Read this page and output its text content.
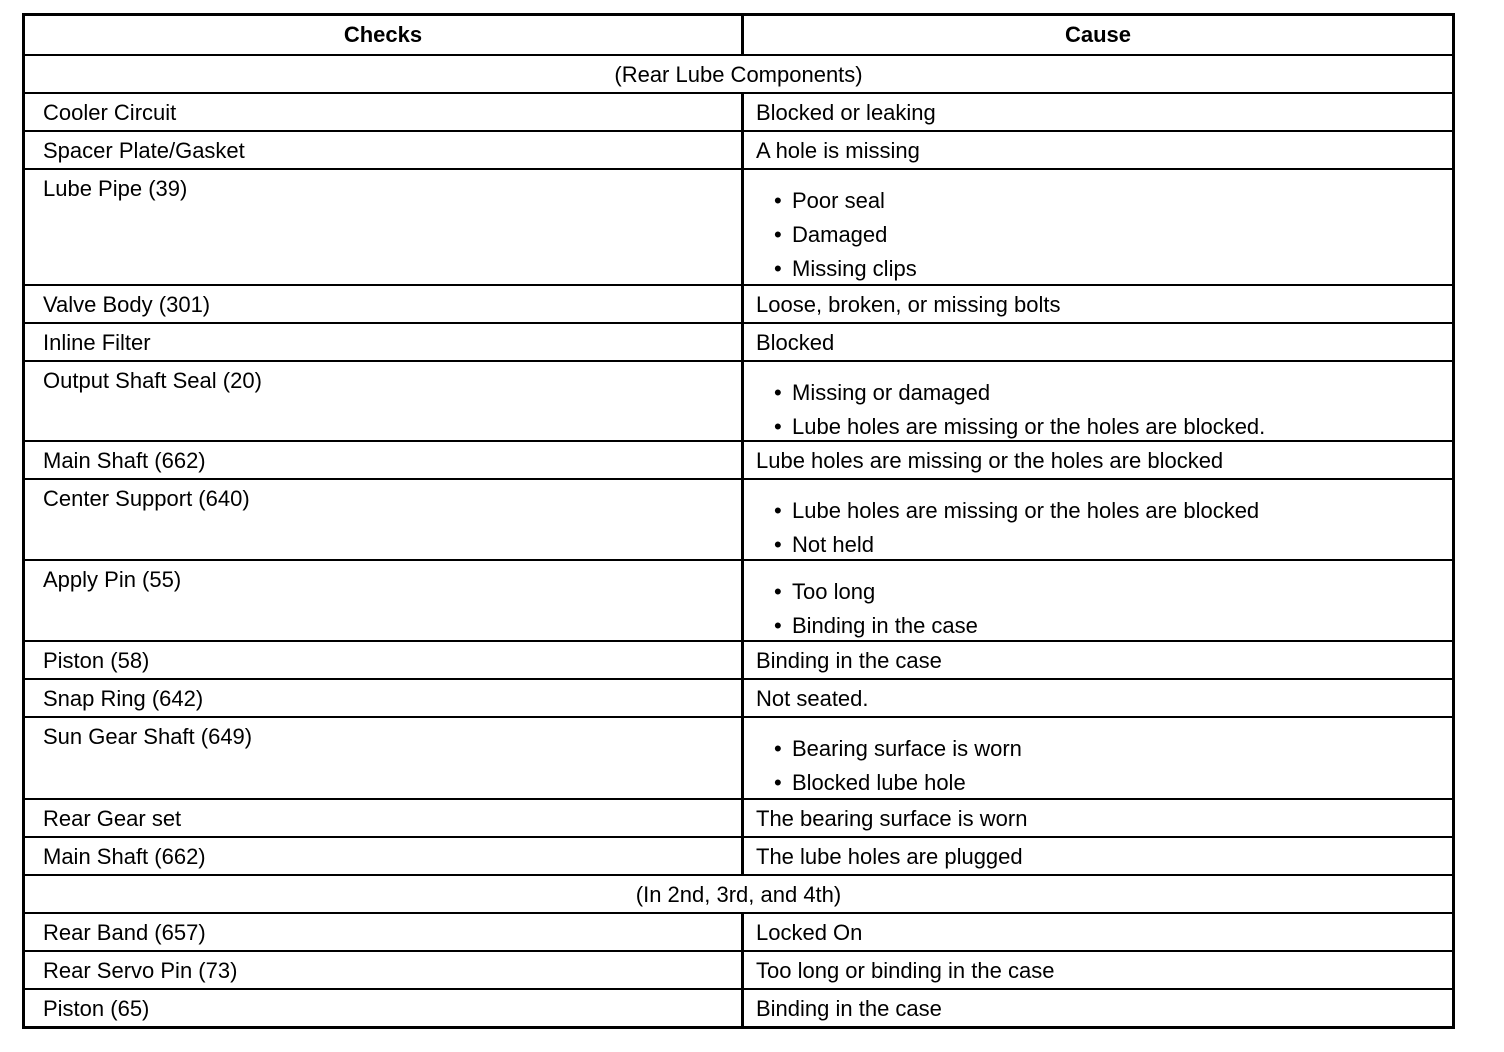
Checks	Cause
(Rear Lube Components)
Cooler Circuit	Blocked or leaking
Spacer Plate/Gasket	A hole is missing
Lube Pipe (39)	• Poor seal
• Damaged
• Missing clips
Valve Body (301)	Loose, broken, or missing bolts
Inline Filter	Blocked
Output Shaft Seal (20)	• Missing or damaged
• Lube holes are missing or the holes are blocked.
Main Shaft (662)	Lube holes are missing or the holes are blocked
Center Support (640)	• Lube holes are missing or the holes are blocked
• Not held
Apply Pin (55)	• Too long
• Binding in the case
Piston (58)	Binding in the case
Snap Ring (642)	Not seated.
Sun Gear Shaft (649)	• Bearing surface is worn
• Blocked lube hole
Rear Gear set	The bearing surface is worn
Main Shaft (662)	The lube holes are plugged
(In 2nd, 3rd, and 4th)
Rear Band (657)	Locked On
Rear Servo Pin (73)	Too long or binding in the case
Piston (65)	Binding in the case
